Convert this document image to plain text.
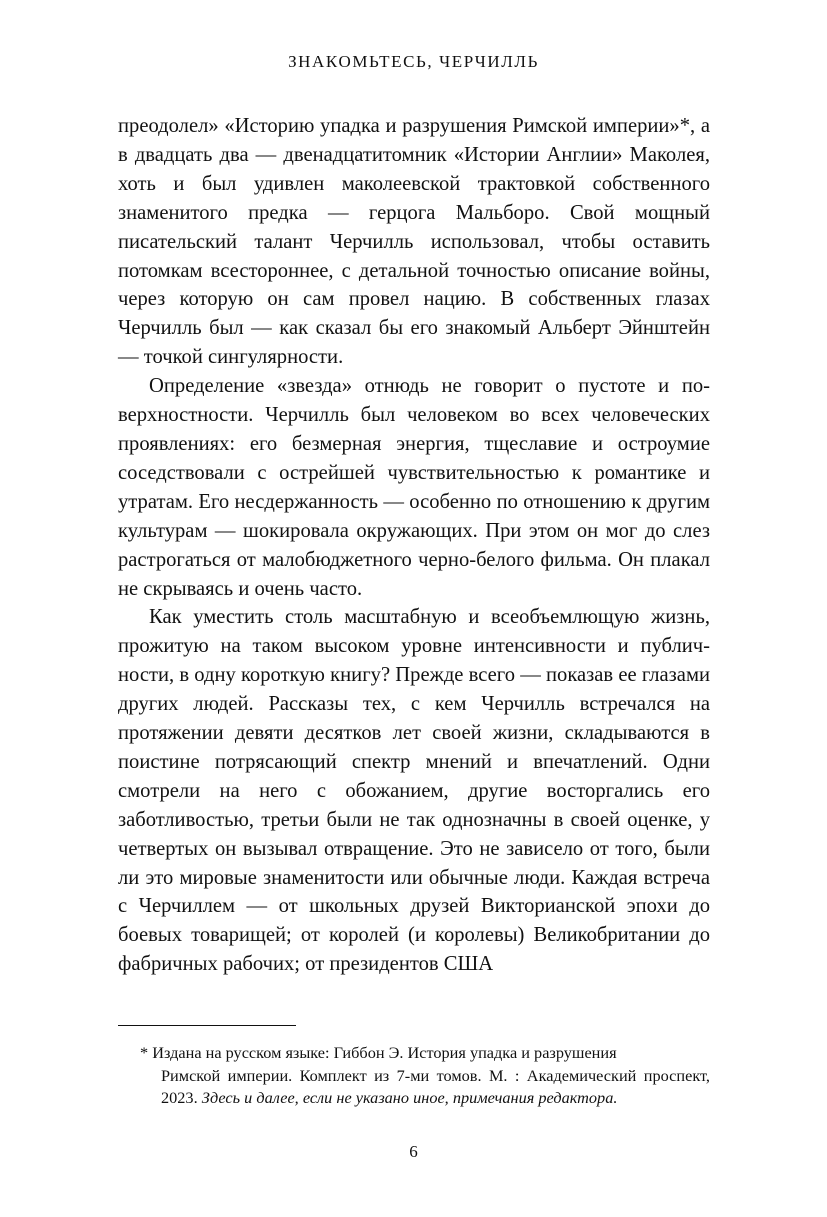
ЗНАКОМЬТЕСЬ, ЧЕРЧИЛЛЬ

преодолел» «Историю упадка и разрушения Римской империи»*, а в двадцать два — двенадцатитомник «Истории Англии» Маколея, хоть и был удивлен маколеевской трактовкой собственного знаменитого предка — герцога Мальборо. Свой мощный писательский талант Черчилль использовал, чтобы оставить потомкам всестороннее, с детальной точностью описание войны, через которую он сам провел нацию. В собственных глазах Черчилль был — как сказал бы его знакомый Альберт Эйнштейн — точкой сингулярности.

Определение «звезда» отнюдь не говорит о пустоте и поверхностности. Черчилль был человеком во всех человеческих проявлениях: его безмерная энергия, тщеславие и остроумие соседствовали с острейшей чувствительностью к романтике и утратам. Его несдержанность — особенно по отношению к другим культурам — шокировала окружающих. При этом он мог до слез растрогаться от малобюджетного черно-белого фильма. Он плакал не скрываясь и очень часто.

Как уместить столь масштабную и всеобъемлющую жизнь, прожитую на таком высоком уровне интенсивности и публичности, в одну короткую книгу? Прежде всего — показав ее глазами других людей. Рассказы тех, с кем Черчилль встречался на протяжении девяти десятков лет своей жизни, складываются в поистине потрясающий спектр мнений и впечатлений. Одни смотрели на него с обожанием, другие восторгались его заботливостью, третьи были не так однозначны в своей оценке, у четвертых он вызывал отвращение. Это не зависело от того, были ли это мировые знаменитости или обычные люди. Каждая встреча с Черчиллем — от школьных друзей Викторианской эпохи до боевых товарищей; от королей (и королевы) Великобритании до фабричных рабочих; от президентов США

* Издана на русском языке: Гиббон Э. История упадка и разрушения
Римской империи. Комплект из 7-ми томов. М. : Академический проспект, 2023. Здесь и далее, если не указано иное, примечания редактора.
6
